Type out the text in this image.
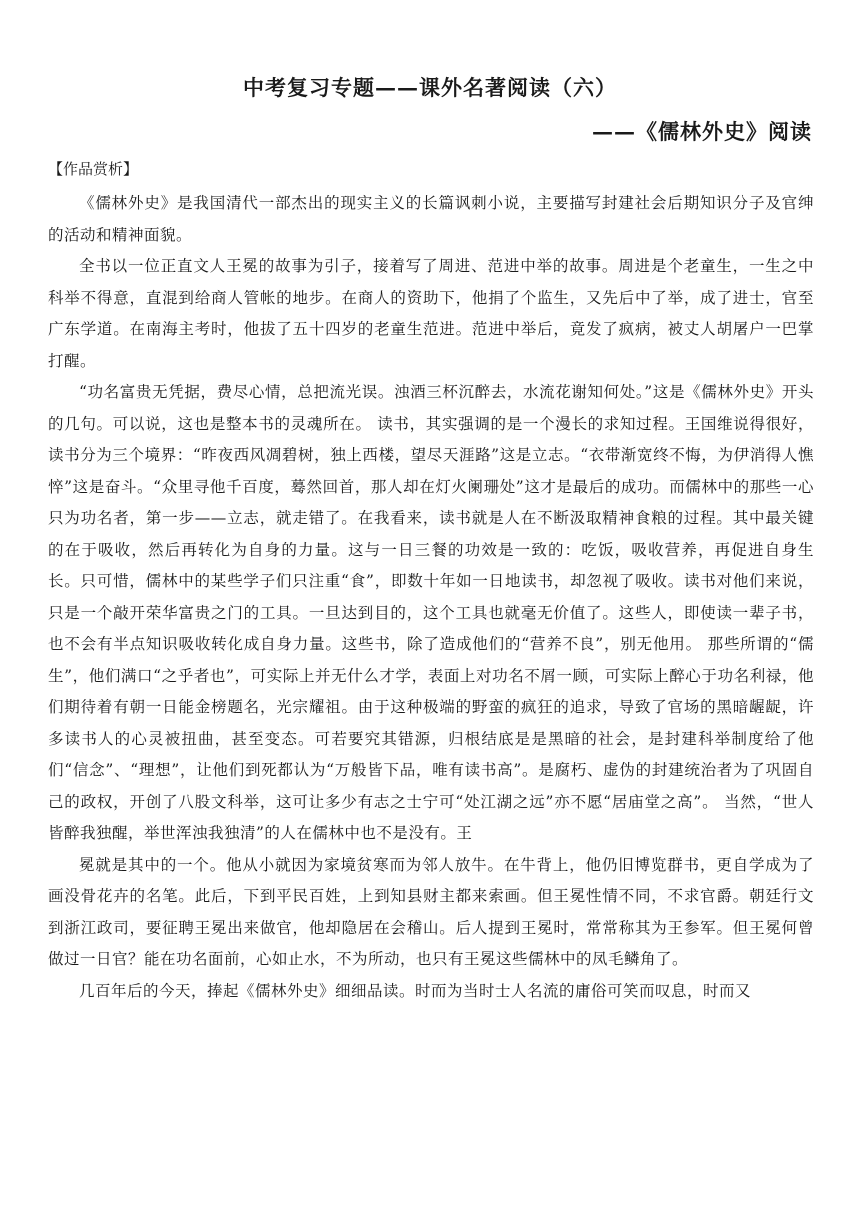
中考复习专题——课外名著阅读（六）
——《儒林外史》阅读
【作品赏析】

《儒林外史》是我国清代一部杰出的现实主义的长篇讽刺小说，主要描写封建社会后期知识分子及官绅的活动和精神面貌。

全书以一位正直文人王冕的故事为引子，接着写了周进、范进中举的故事。周进是个老童生，一生之中科举不得意，直混到给商人管帐的地步。在商人的资助下，他捐了个监生，又先后中了举，成了进士，官至广东学道。在南海主考时，他拔了五十四岁的老童生范进。范进中举后，竟发了疯病，被丈人胡屠户一巴掌打醒。

“功名富贵无凭据，费尽心情，总把流光误。浊酒三杯沉醉去，水流花谢知何处。”这是《儒林外史》开头的几句。可以说，这也是整本书的灵魂所在。 读书，其实强调的是一个漫长的求知过程。王国维说得很好，读书分为三个境界：“昨夜西风凋碧树，独上西楼，望尽天涯路”这是立志。“衣带渐宽终不悔，为伊消得人憔悴”这是奋斗。“众里寻他千百度，蓦然回首，那人却在灯火阑珊处”这才是最后的成功。而儒林中的那些一心只为功名者，第一步——立志，就走错了。在我看来，读书就是人在不断汲取精神食粮的过程。其中最关键的在于吸收，然后再转化为自身的力量。这与一日三餐的功效是一致的：吃饭，吸收营养，再促进自身生长。只可惜，儒林中的某些学子们只注重“食”，即数十年如一日地读书，却忽视了吸收。读书对他们来说，只是一个敲开荣华富贵之门的工具。一旦达到目的，这个工具也就毫无价值了。这些人，即使读一辈子书，也不会有半点知识吸收转化成自身力量。这些书，除了造成他们的“营养不良”，别无他用。 那些所谓的“儒生”，他们满口“之乎者也”，可实际上并无什么才学，表面上对功名不屑一顾，可实际上醉心于功名利禄，他们期待着有朝一日能金榜题名，光宗耀祖。由于这种极端的野蛮的疯狂的追求，导致了官场的黑暗龌龊，许多读书人的心灵被扭曲，甚至变态。可若要究其错源，归根结底是是黑暗的社会，是封建科举制度给了他们“信念”、“理想”，让他们到死都认为“万般皆下品，唯有读书高”。是腐朽、虚伪的封建统治者为了巩固自己的政权，开创了八股文科举，这可让多少有志之士宁可“处江湖之远”亦不愿“居庙堂之高”。 当然，“世人皆醉我独醒，举世浑浊我独清”的人在儒林中也不是没有。王

冕就是其中的一个。他从小就因为家境贫寒而为邻人放牛。在牛背上，他仍旧博览群书，更自学成为了画没骨花卉的名笔。此后，下到平民百姓，上到知县财主都来索画。但王冕性情不同，不求官爵。朝廷行文到浙江政司，要征聘王冕出来做官，他却隐居在会稽山。后人提到王冕时，常常称其为王参军。但王冕何曾做过一日官？能在功名面前，心如止水，不为所动，也只有王冕这些儒林中的凤毛鳞角了。

几百年后的今天，捧起《儒林外史》细细品读。时而为当时士人名流的庸俗可笑而叹息，时而又
